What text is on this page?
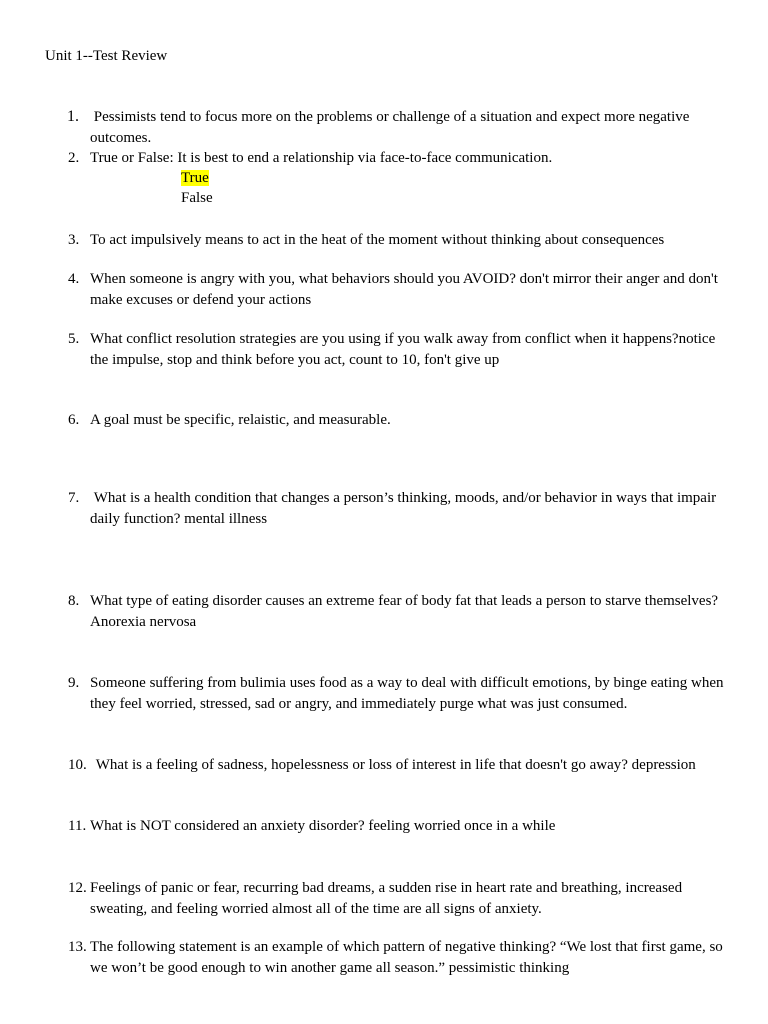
Unit 1--Test Review
1. Pessimists tend to focus more on the problems or challenge of a situation and expect more negative outcomes.
2. True or False: It is best to end a relationship via face-to-face communication.
True
False
3. To act impulsively means to act in the heat of the moment without thinking about consequences
4. When someone is angry with you, what behaviors should you AVOID? don't mirror their anger and don't make excuses or defend your actions
5. What conflict resolution strategies are you using if you walk away from conflict when it happens?notice the impulse, stop and think before you act, count to 10, fon't give up
6. A goal must be specific, relaistic, and measurable.
7. What is a health condition that changes a person’s thinking, moods, and/or behavior in ways that impair daily function? mental illness
8. What type of eating disorder causes an extreme fear of body fat that leads a person to starve themselves? Anorexia nervosa
9. Someone suffering from bulimia uses food as a way to deal with difficult emotions, by binge eating when they feel worried, stressed, sad or angry, and immediately purge what was just consumed.
10. What is a feeling of sadness, hopelessness or loss of interest in life that doesn't go away? depression
11. What is NOT considered an anxiety disorder? feeling worried once in a while
12. Feelings of panic or fear, recurring bad dreams, a sudden rise in heart rate and breathing, increased sweating, and feeling worried almost all of the time are all signs of anxiety.
13. The following statement is an example of which pattern of negative thinking? “We lost that first game, so we won’t be good enough to win another game all season.” pessimistic thinking
